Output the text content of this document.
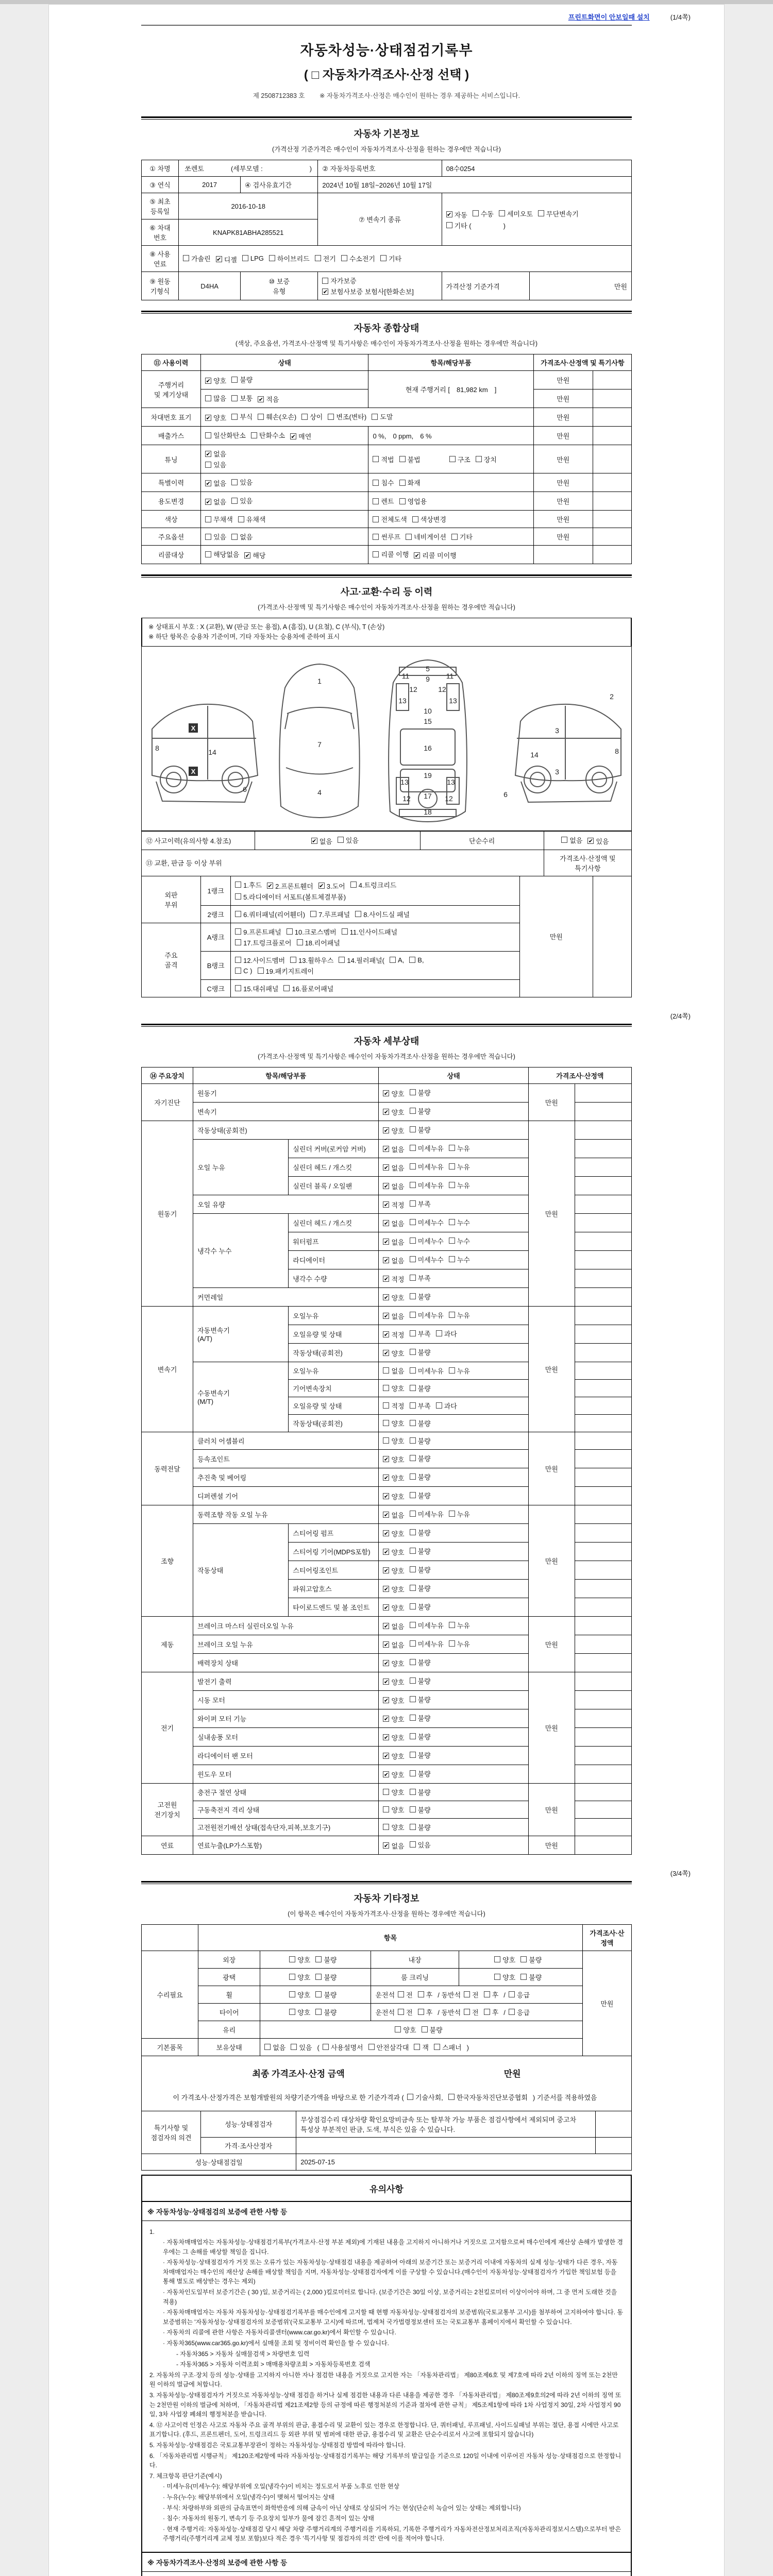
프린트화면이 안보일때 설치	(1/4쪽)
자동차성능·상태점검기록부
( □ 자동차가격조사·산정 선택 )
제 2508712383 호　　 ※ 자동차가격조사·산정은 매수인이 원하는 경우 제공하는 서비스입니다.
자동차 기본정보
(가격산정 기준가격은 매수인이 자동차가격조사·산정을 원하는 경우에만 적습니다)
① 차명	쏘렌토　　　　(세부모델 :　　　　　　　)		② 자동차등록번호	08수0254	
③ 연식	2017	④ 검사유효기간	2024년 10월 18일~2026년 10월 17일		
⑤ 최초
등록일	2016-10-18	⑦ 변속기 종류	
✔ 자동 수동 세미오토 무단변속기

기타 ( 　　　　)
⑥ 차대
번호	KNAPK81ABHA285521				
⑧ 사용
연료	
가솔린 ✔ 디젤 LPG 하이브리드 전기 수소전기 기타

⑨ 원동
기형식	D4HA	⑩ 보증
유형	자가보증
✔ 보험사보증 보험사[한화손보]	가격산정 기준가격	만원
자동차 종합상태
(색상, 주요옵션, 가격조사·산정액 및 특기사항은 매수인이 자동차가격조사·산정을 원하는 경우에만 적습니다)
⑪ 사용이력	상태	항목/해당부품	가격조사·산정액 및 특기사항	
주행거리
및 계기상태	✔ 양호 불량	현재 주행거리 [　81,982 km　]	만원	

	많음 보통 ✔ 적음		만원	
차대번호 표기	✔ 양호 부식 훼손(오손) 상이 변조(변타) 도말	만원	
배출가스	일산화탄소 탄화수소 ✔ 매연	0 %,　0 ppm,　6 %	만원	
튜닝	✔ 없음

있음	적법 불법 구조 장치	만원	
특별이력	✔ 없음 있음	침수 화재	만원	
용도변경	✔ 없음 있음	렌트 영업용	만원	
색상	무채색 유채색	전체도색 색상변경	만원	
주요옵션	있음 없음	썬루프 네비게이션 기타	만원	
리콜대상	해당없음 ✔ 해당	리콜 이행 ✔ 리콜 미이행		

사고·교환·수리 등 이력
(가격조사·산정액 및 특기사항은 매수인이 자동차가격조사·산정을 원하는 경우에만 적습니다)
※ 상태표시 부호 : X (교환), W (판금 또는 용접), A (흠집), U (요철), C (부식), T (손상)
※ 하단 항목은 승용차 기준이며, 기타 자동차는 승용차에 준하여 표시
8	14
6
X
X
1
7
4
5
9
11	11
12	12
13	13
10
15
16
19
13	13
17
12	12
18
2
3
8
14
3
6
⑫ 사고이력(유의사항 4.참조)	✔ 없음 있음	단순수리	없음 ✔ 있음

⑬ 교환, 판금 등 이상 부위			가격조사·산정액 및 특기사항
외판
부위	1랭크	
1.후드 ✔ 2.프론트휀더 ✔ 3.도어 4.트렁크리드

5.라디에이터 서포트(볼트체결부품)
	만원	
	2랭크	6.쿼터패널(리어휀더) 7.루프패널 8.사이드실 패널		

주요
골격	A랭크	9.프론트패널 10.크로스멤버 11.인사이드패널

17.트렁크플로어 18.리어패널		

B랭크	
12.사이드멤버 13.휠하우스 14.필러패널( A, B,

C ) 19.패키지트레이

	C랭크	15.대쉬패널 16.플로어패널		
(2/4쪽)
자동차 세부상태
(가격조사·산정액 및 특기사항은 매수인이 자동차가격조사·산정을 원하는 경우에만 적습니다)
⑭ 주요장치	항목/해당부품		상태	가격조사·산정액	
자기진단	원동기		✔ 양호 불량	만원	
	변속기		✔ 양호 불량		

원동기	작동상태(공회전)		✔ 양호 불량	만원	
	오일 누유	실린더 커버(로커암 커버)	✔ 없음 미세누유 누유		

		실린더 헤드 / 개스킷	✔ 없음 미세누유 누유		

		실린더 블록 / 오일팬	✔ 없음 미세누유 누유		

	오일 유량		✔ 적정 부족		

	냉각수 누수	실린더 헤드 / 개스킷	✔ 없음 미세누수 누수		

		워터펌프	✔ 없음 미세누수 누수		

		라디에이터	✔ 없음 미세누수 누수		

		냉각수 수량	✔ 적정 부족		

	커먼레일		✔ 양호 불량		

변속기	자동변속기
(A/T)	오일누유	✔ 없음 미세누유 누유	만원	
		오일유량 및 상태	✔ 적정 부족 과다		

		작동상태(공회전)	✔ 양호 불량		

	수동변속기
(M/T)	오일누유	없음 미세누유 누유		

		기어변속장치	양호 불량		

		오일유량 및 상태	적정 부족 과다		

		작동상태(공회전)	양호 불량		

동력전달	클러치 어셈블리		양호 불량	만원	
	등속조인트		✔ 양호 불량		

	추진축 및 베어링		✔ 양호 불량		

	디퍼렌셜 기어		✔ 양호 불량		

조향	동력조향 작동 오일 누유		✔ 없음 미세누유 누유	만원	
	작동상태	스티어링 펌프	✔ 양호 불량		

		스티어링 기어(MDPS포함)	✔ 양호 불량		

		스티어링조인트	✔ 양호 불량		

		파워고압호스	✔ 양호 불량		

		타이로드엔드 및 볼 조인트	✔ 양호 불량		

제동	브레이크 마스터 실린더오일 누유		✔ 없음 미세누유 누유	만원	
	브레이크 오일 누유		✔ 없음 미세누유 누유		

	배력장치 상태		✔ 양호 불량		

전기	발전기 출력		✔ 양호 불량	만원	
	시동 모터		✔ 양호 불량		

	와이퍼 모터 기능		✔ 양호 불량		

	실내송풍 모터		✔ 양호 불량		

	라디에이터 팬 모터		✔ 양호 불량		

	윈도우 모터		✔ 양호 불량		

고전원
전기장치	충전구 절연 상태		양호 불량	만원	
	구동축전지 격리 상태		양호 불량		

	고전원전기배선 상태(접속단자,피복,보호기구)		양호 불량		

연료	연료누출(LP가스포함)		✔ 없음 있음	만원	
(3/4쪽)
자동차 기타정보
(이 항목은 매수인이 자동차가격조사·산정을 원하는 경우에만 적습니다)
	항목				가격조사·산
정액
수리필요	외장	양호 불량	내장	양호 불량	만원
	광택	양호 불량	룸 크리닝	양호 불량	

휠	양호 불량	운전석 전 후 / 동반석 전 후 / 응급

타이어	양호 불량	운전석 전 후 / 동반석 전 후 / 응급

	유리	양호 불량			

기본품목	보유상태	없음 있음 ( 사용설명서 안전삼각대 잭 스패너 )
최종 가격조사·산정 금액	만원
이 가격조사·산정가격은 보험개발원의 차량기준가액을 바탕으로 한 기준가격과 ( 기술사회, 한국자동차진단보증협회 ) 기준서를 적용하였음
특기사항 및
점검자의 의견	성능·상태점검자	무상점검수리 대상차량 확인요망비금속 또는 탈부착 가능 부품은 점검사항에서 제외되며 중고차 특성상 부분적인 판금, 도색, 부식은 있을 수 있습니다.	
	가격·조사산정자		
성능·상태점검일		2025-07-15	
유의사항
※ 자동차성능·상태점검의 보증에 관한 사항 등
1.
· 자동차매매업자는 자동차성능·상태점검기록부(가격조사·산정 부분 제외)에 기재된 내용을 고지하지 아니하거나 거짓으로 고지함으로써 매수인에게 재산상 손해가 발생한 경우에는 그 손해를 배상할 책임을 집니다.
· 자동차성능·상태점검자가 거짓 또는 오류가 있는 자동차성능·상태점검 내용을 제공하여 아래의 보증기간 또는 보증거리 이내에 자동차의 실제 성능·상태가 다른 경우, 자동차매매업자는 매수인의 재산상 손해를 배상할 책임을 지며, 자동차성능·상태점검자에게 이를 구상할 수 있습니다.(매수인이 자동차성능·상태점검자가 가입한 책임보험 등을 통해 별도로 배상받는 경우는 제외)
· 자동차인도일부터 보증기간은 ( 30 )일, 보증거리는 ( 2,000 )킬로미터로 합니다. (보증기간은 30일 이상, 보증거리는 2천킬로미터 이상이어야 하며, 그 중 먼저 도래한 것을 적용)
· 자동차매매업자는 자동차 자동차성능·상태점검기록부를 매수인에게 고지할 때 현행 자동차성능·상태점검자의 보증범위(국토교통부 고시)를 첨부하여 고지하여야 합니다. 동 보증범위는 '자동차성능·상태점검자의 보증범위'(국토교통부 고시)에 따르며, 법제처 국가법령정보센터 또는 국토교통부 홈페이지에서 확인할 수 있습니다.
· 자동차의 리콜에 관한 사항은 자동차리콜센터(www.car.go.kr)에서 확인할 수 있습니다.
· 자동차365(www.car365.go.kr)에서 실매물 조회 및 정비이력 확인을 할 수 있습니다.
- 자동차365 > 자동차 실매물검색 > 차량번호 입력
- 자동차365 > 자동차 이력조회 > 매매용차량조회 > 자동차등록번호 검색
2. 자동차의 구조·장치 등의 성능·상태를 고지하지 아니한 자나 점검한 내용을 거짓으로 고지한 자는 「자동차관리법」 제80조제6호 및 제7호에 따라 2년 이하의 징역 또는 2천만원 이하의 벌금에 처합니다.
3. 자동차성능·상태점검자가 거짓으로 자동차성능·상태 점검을 하거나 실제 점검한 내용과 다른 내용을 제공한 경우 「자동차관리법」 제80조제9호의2에 따라 2년 이하의 징역 또는 2천만원 이하의 벌금에 처하며, 「자동차관리법 제21조제2항 등의 규정에 따른 행정처분의 기준과 절차에 관한 규칙」 제5조제1항에 따라 1차 사업정지 30일, 2차 사업정지 90일, 3차 사업장 폐쇄의 행정처분을 받습니다.
4. ⑫ 사고이력 인정은 사고로 자동차 주요 골격 부위의 판금, 용접수리 및 교환이 있는 경우로 한정합니다. 단, 쿼터패널, 루프패널, 사이드실패널 부위는 절단, 용접 시에만 사고로 표기합니다. (후드, 프론트펜더, 도어, 트렁크리드 등 외판 부위 및 범퍼에 대한 판금, 용접수리 및 교환은 단순수리로서 사고에 포함되지 않습니다)
5. 자동차성능·상태점검은 국토교통부장관이 정하는 자동차성능·상태점검 방법에 따라야 합니다.
6. 「자동차관리법 시행규칙」 제120조제2항에 따라 자동차성능·상태점검기록부는 해당 기록부의 발급일을 기준으로 120일 이내에 이루어진 자동차 성능·상태점검으로 한정합니다.
7. 체크항목 판단기준(예시)
· 미세누유(미세누수): 해당부위에 오일(냉각수)이 비치는 정도로서 부품 노후로 인한 현상
· 누유(누수): 해당부위에서 오일(냉각수)이 맺혀서 떨어지는 상태
· 부식: 차량하부와 외판의 금속표면이 화학반응에 의해 금속이 아닌 상태로 상실되어 가는 현상(단순히 녹슬어 있는 상태는 제외합니다)
· 침수: 자동차의 원동기, 변속기 등 주요장치 일부가 물에 잠긴 흔적이 있는 상태
· 현재 주행거리: 자동차성능·상태점검 당시 해당 차량 주행거리계의 주행거리를 기록하되, 기록한 주행거리가 자동차전산정보처리조직(자동차관리정보시스템)으로부터 받은 주행거리(주행거리계 교체 정보 포함)보다 적은 경우 '특기사항 및 점검자의 의견' 란에 이를 적어야 합니다.
※ 자동차가격조사·산정의 보증에 관한 사항 등
